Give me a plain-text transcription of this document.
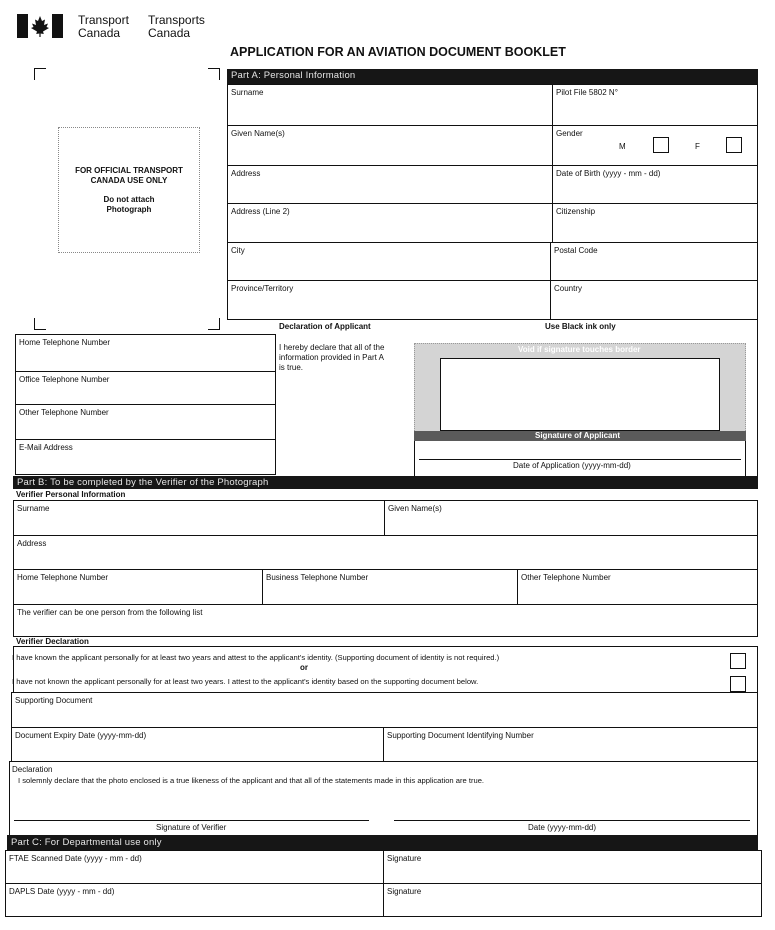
Transport
Canada
Transports
Canada
APPLICATION FOR AN AVIATION DOCUMENT BOOKLET
FOR OFFICIAL TRANSPORT
CANADA USE ONLY
Do not attach
Photograph
Part A: Personal Information
Surname	Pilot File 5802 N°
Given Name(s)	Gender
M	F
Address	Date of Birth (yyyy - mm - dd)
Address (Line 2)	Citizenship
City	Postal Code
Province/Territory	Country
Home Telephone Number
Office Telephone Number
Other Telephone Number
E-Mail Address
Declaration of Applicant	Use Black ink only
I hereby declare that all of the
information provided in Part A
is true.
Void if signature touches border
Signature of Applicant
Date of Application (yyyy-mm-dd)
Part B: To be completed by the Verifier of the Photograph
Verifier Personal Information
Surname	Given Name(s)
Address
Home Telephone Number	Business Telephone Number	Other Telephone Number
The verifier can be one person from the following list
Verifier Declaration
I have known the applicant personally for at least two years and attest to the applicant's identity. (Supporting document of identity is not required.)
or
I have not known the applicant personally for at least two years. I attest to the applicant's identity based on the supporting document below.
Supporting Document
Document Expiry Date (yyyy-mm-dd)	Supporting Document Identifying Number
Declaration
I solemnly declare that the photo enclosed is a true likeness of the applicant and that all of the statements made in this application are true.
Signature of Verifier	Date (yyyy-mm-dd)
Part C: For Departmental use only
FTAE Scanned Date (yyyy - mm - dd)	Signature
DAPLS Date (yyyy - mm - dd)	Signature
